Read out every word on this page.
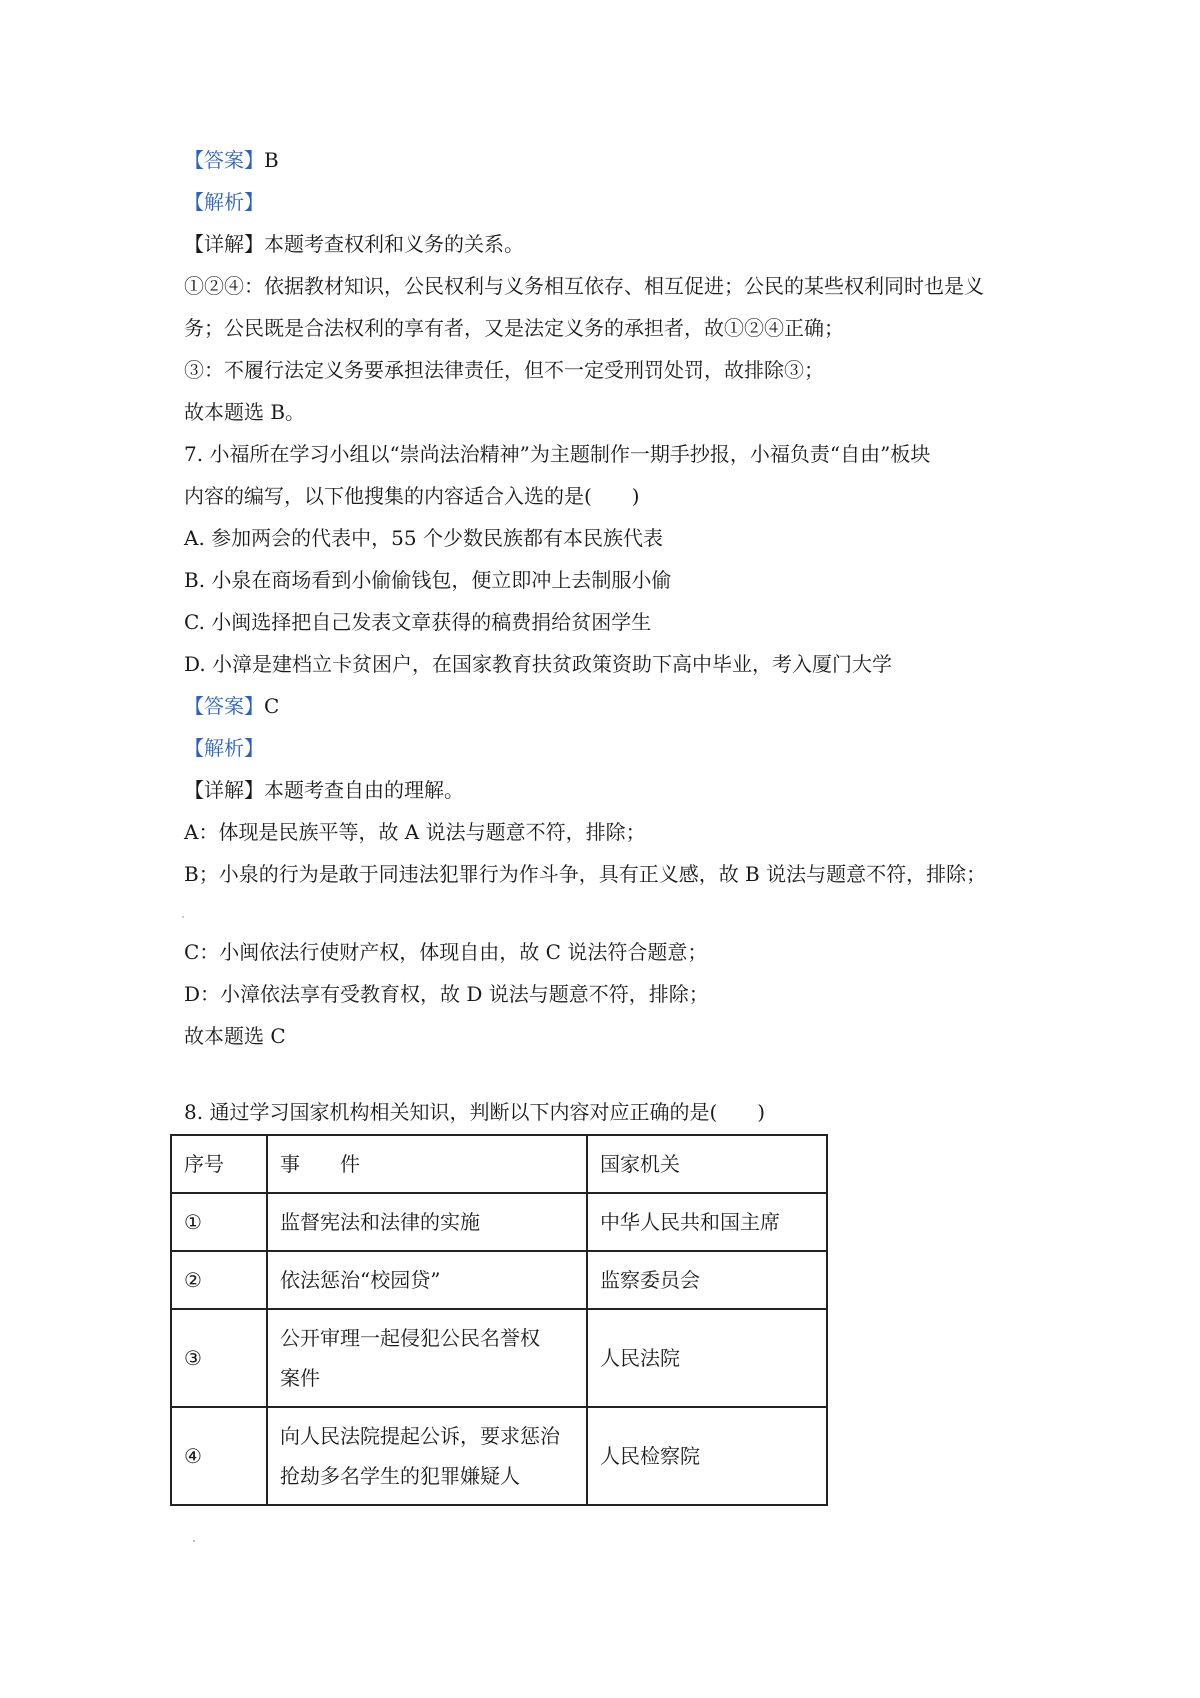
【答案】B

【解析】

【详解】本题考查权利和义务的关系。

①②④：依据教材知识，公民权利与义务相互依存、相互促进；公民的某些权利同时也是义

务；公民既是合法权利的享有者，又是法定义务的承担者，故①②④正确；

③：不履行法定义务要承担法律责任，但不一定受刑罚处罚，故排除③；

故本题选 B。

7. 小福所在学习小组以“崇尚法治精神”为主题制作一期手抄报，小福负责“自由”板块

内容的编写，以下他搜集的内容适合入选的是(　　)

A. 参加两会的代表中，55 个少数民族都有本民族代表

B. 小泉在商场看到小偷偷钱包，便立即冲上去制服小偷

C. 小闽选择把自己发表文章获得的稿费捐给贫困学生

D. 小漳是建档立卡贫困户，在国家教育扶贫政策资助下高中毕业，考入厦门大学

【答案】C

【解析】

【详解】本题考查自由的理解。

A：体现是民族平等，故 A 说法与题意不符，排除；

B；小泉的行为是敢于同违法犯罪行为作斗争，具有正义感，故 B 说法与题意不符，排除；

C：小闽依法行使财产权，体现自由，故 C 说法符合题意；

D：小漳依法享有受教育权，故 D 说法与题意不符，排除；

故本题选 C

8. 通过学习国家机构相关知识，判断以下内容对应正确的是(　　)

序号	事　　件	国家机关
①	监督宪法和法律的实施	中华人民共和国主席
②	依法惩治“校园贷”	监察委员会
③	公开审理一起侵犯公民名誉权
案件	人民法院
④	向人民法院提起公诉，要求惩治
抢劫多名学生的犯罪嫌疑人	人民检察院
